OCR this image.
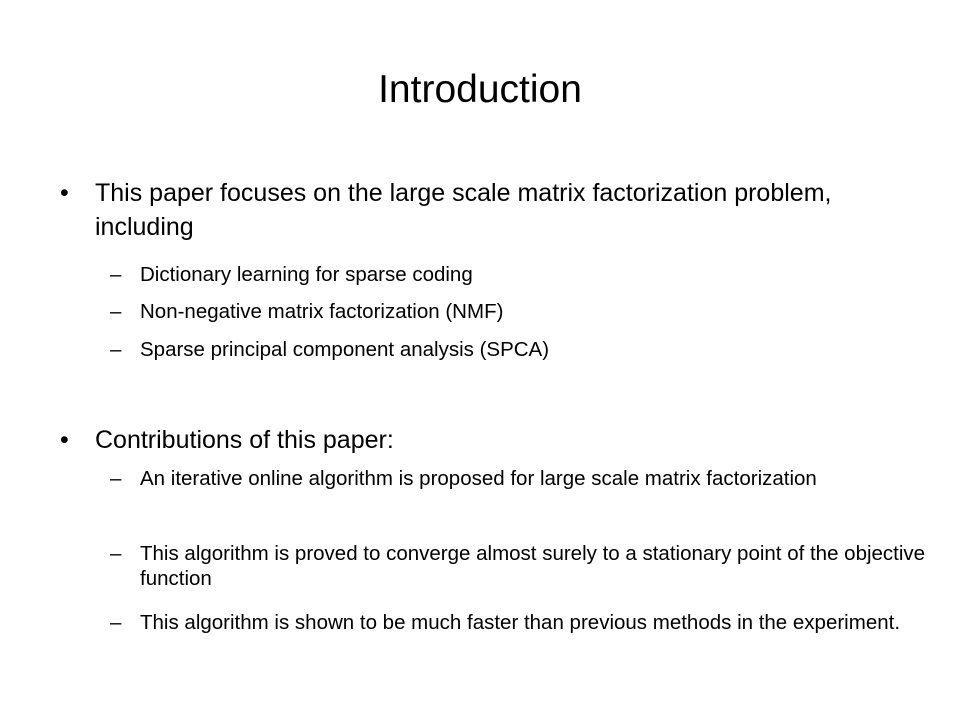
Introduction
• This paper focuses on the large scale matrix factorization problem, including
– Dictionary learning for sparse coding
– Non-negative matrix factorization (NMF)
– Sparse principal component analysis (SPCA)
• Contributions of this paper:
– An iterative online algorithm is proposed for large scale matrix factorization
– This algorithm is proved to converge almost surely to a stationary point of the objective function
– This algorithm is shown to be much faster than previous methods in the experiment.
